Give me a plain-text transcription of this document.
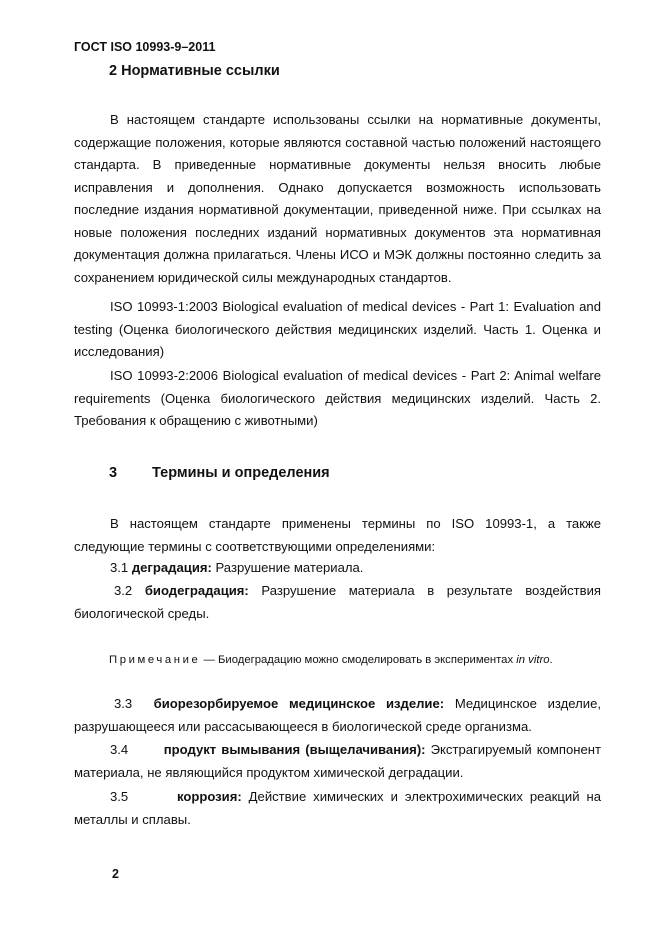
ГОСТ ISO 10993-9–2011
2 Нормативные ссылки
В настоящем стандарте использованы ссылки на нормативные документы, содержащие положения, которые являются составной частью положений настоящего стандарта. В приведенные нормативные документы нельзя вносить любые исправления и дополнения. Однако допускается возможность использовать последние издания нормативной документации, приведенной ниже. При ссылках на новые положения последних изданий нормативных документов эта нормативная документация должна прилагаться. Члены ИСО и МЭК должны постоянно следить за сохранением юридической силы международных стандартов.
ISO 10993-1:2003 Biological evaluation of medical devices - Part 1: Evaluation and testing (Оценка биологического действия медицинских изделий. Часть 1. Оценка и исследования)
ISO 10993-2:2006 Biological evaluation of medical devices - Part 2: Animal welfare requirements (Оценка биологического действия медицинских изделий. Часть 2. Требования к обращению с животными)
3 Термины и определения
В настоящем стандарте применены термины по ISO 10993-1, а также следующие термины с соответствующими определениями:
3.1 деградация: Разрушение материала.
3.2 биодеградация: Разрушение материала в результате воздействия биологической среды.
Примечание — Биодеградацию можно смоделировать в экспериментах in vitro.
3.3 биорезорбируемое медицинское изделие: Медицинское изделие, разрушающееся или рассасывающееся в биологической среде организма.
3.4	продукт вымывания (выщелачивания): Экстрагируемый компонент материала, не являющийся продуктом химической деградации.
3.5	коррозия: Действие химических и электрохимических реакций на металлы и сплавы.
2
